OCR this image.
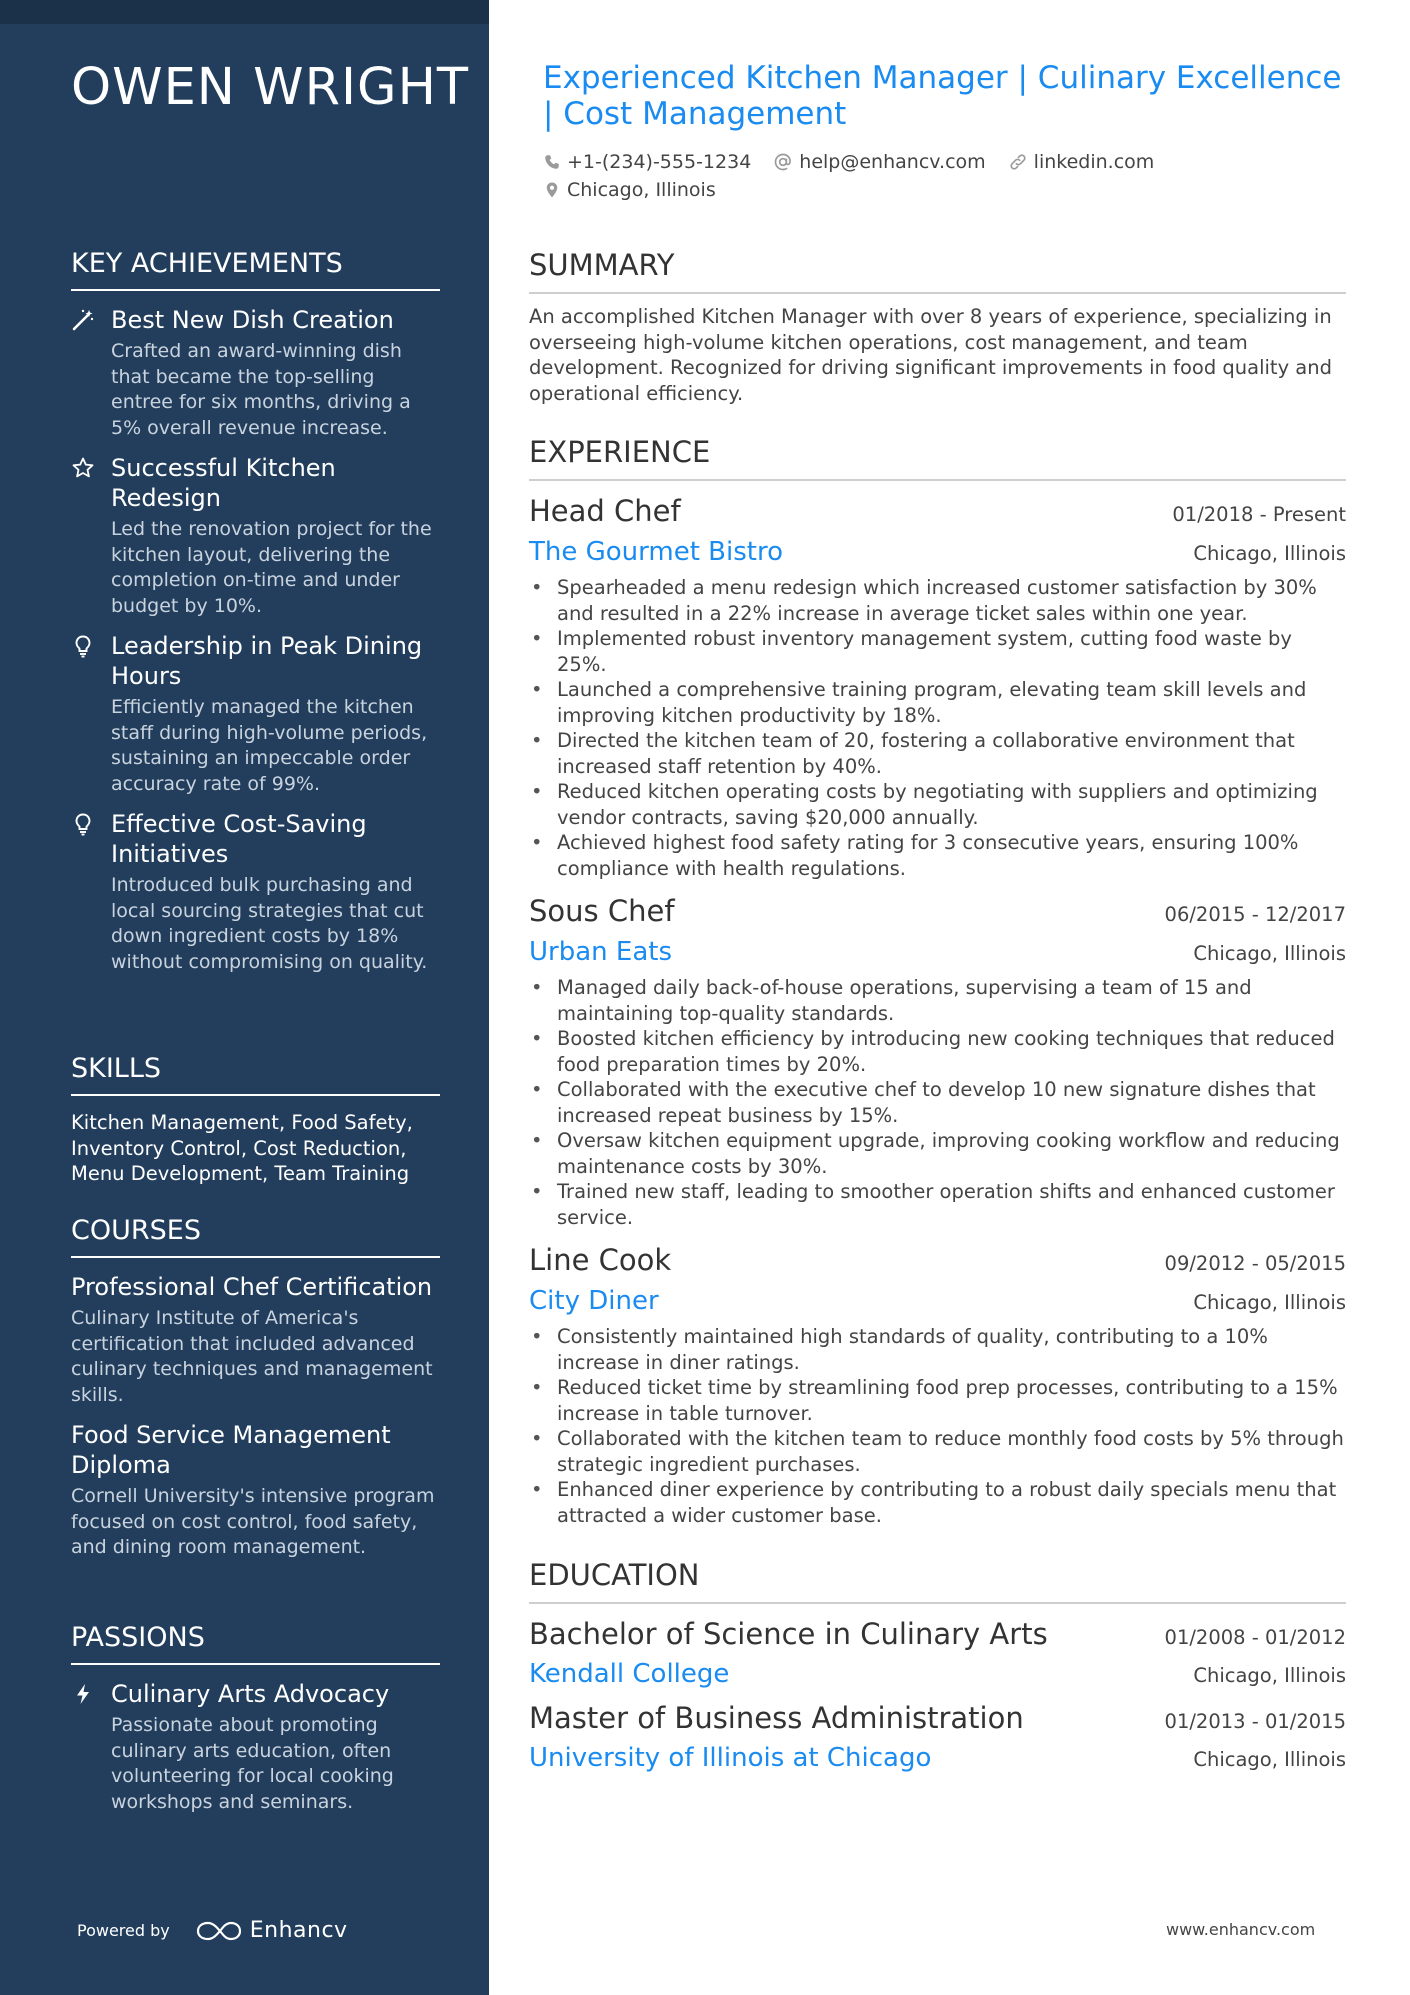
OWEN WRIGHT
KEY ACHIEVEMENTS
Best New Dish Creation
Crafted an award-winning dish that became the top-selling entree for six months, driving a 5% overall revenue increase.
Successful Kitchen Redesign
Led the renovation project for the kitchen layout, delivering the completion on-time and under budget by 10%.
Leadership in Peak Dining Hours
Efficiently managed the kitchen staff during high-volume periods, sustaining an impeccable order accuracy rate of 99%.
Effective Cost-Saving Initiatives
Introduced bulk purchasing and local sourcing strategies that cut down ingredient costs by 18% without compromising on quality.
SKILLS
Kitchen Management, Food Safety, Inventory Control, Cost Reduction, Menu Development, Team Training
COURSES
Professional Chef Certification
Culinary Institute of America's certification that included advanced culinary techniques and management skills.
Food Service Management Diploma
Cornell University's intensive program focused on cost control, food safety, and dining room management.
PASSIONS
Culinary Arts Advocacy
Passionate about promoting culinary arts education, often volunteering for local cooking workshops and seminars.
Powered by	Enhancv
Experienced Kitchen Manager | Culinary Excellence | Cost Management
+1-(234)-555-1234	help@enhancv.com	linkedin.com
Chicago, Illinois
SUMMARY
An accomplished Kitchen Manager with over 8 years of experience, specializing in overseeing high-volume kitchen operations, cost management, and team development. Recognized for driving significant improvements in food quality and operational efficiency.
EXPERIENCE
Head Chef	01/2018 - Present
The Gourmet Bistro	Chicago, Illinois
• Spearheaded a menu redesign which increased customer satisfaction by 30% and resulted in a 22% increase in average ticket sales within one year.
• Implemented robust inventory management system, cutting food waste by 25%.
• Launched a comprehensive training program, elevating team skill levels and improving kitchen productivity by 18%.
• Directed the kitchen team of 20, fostering a collaborative environment that increased staff retention by 40%.
• Reduced kitchen operating costs by negotiating with suppliers and optimizing vendor contracts, saving $20,000 annually.
• Achieved highest food safety rating for 3 consecutive years, ensuring 100% compliance with health regulations.
Sous Chef	06/2015 - 12/2017
Urban Eats	Chicago, Illinois
• Managed daily back-of-house operations, supervising a team of 15 and maintaining top-quality standards.
• Boosted kitchen efficiency by introducing new cooking techniques that reduced food preparation times by 20%.
• Collaborated with the executive chef to develop 10 new signature dishes that increased repeat business by 15%.
• Oversaw kitchen equipment upgrade, improving cooking workflow and reducing maintenance costs by 30%.
• Trained new staff, leading to smoother operation shifts and enhanced customer service.
Line Cook	09/2012 - 05/2015
City Diner	Chicago, Illinois
• Consistently maintained high standards of quality, contributing to a 10% increase in diner ratings.
• Reduced ticket time by streamlining food prep processes, contributing to a 15% increase in table turnover.
• Collaborated with the kitchen team to reduce monthly food costs by 5% through strategic ingredient purchases.
• Enhanced diner experience by contributing to a robust daily specials menu that attracted a wider customer base.
EDUCATION
Bachelor of Science in Culinary Arts	01/2008 - 01/2012
Kendall College	Chicago, Illinois
Master of Business Administration	01/2013 - 01/2015
University of Illinois at Chicago	Chicago, Illinois
www.enhancv.com
